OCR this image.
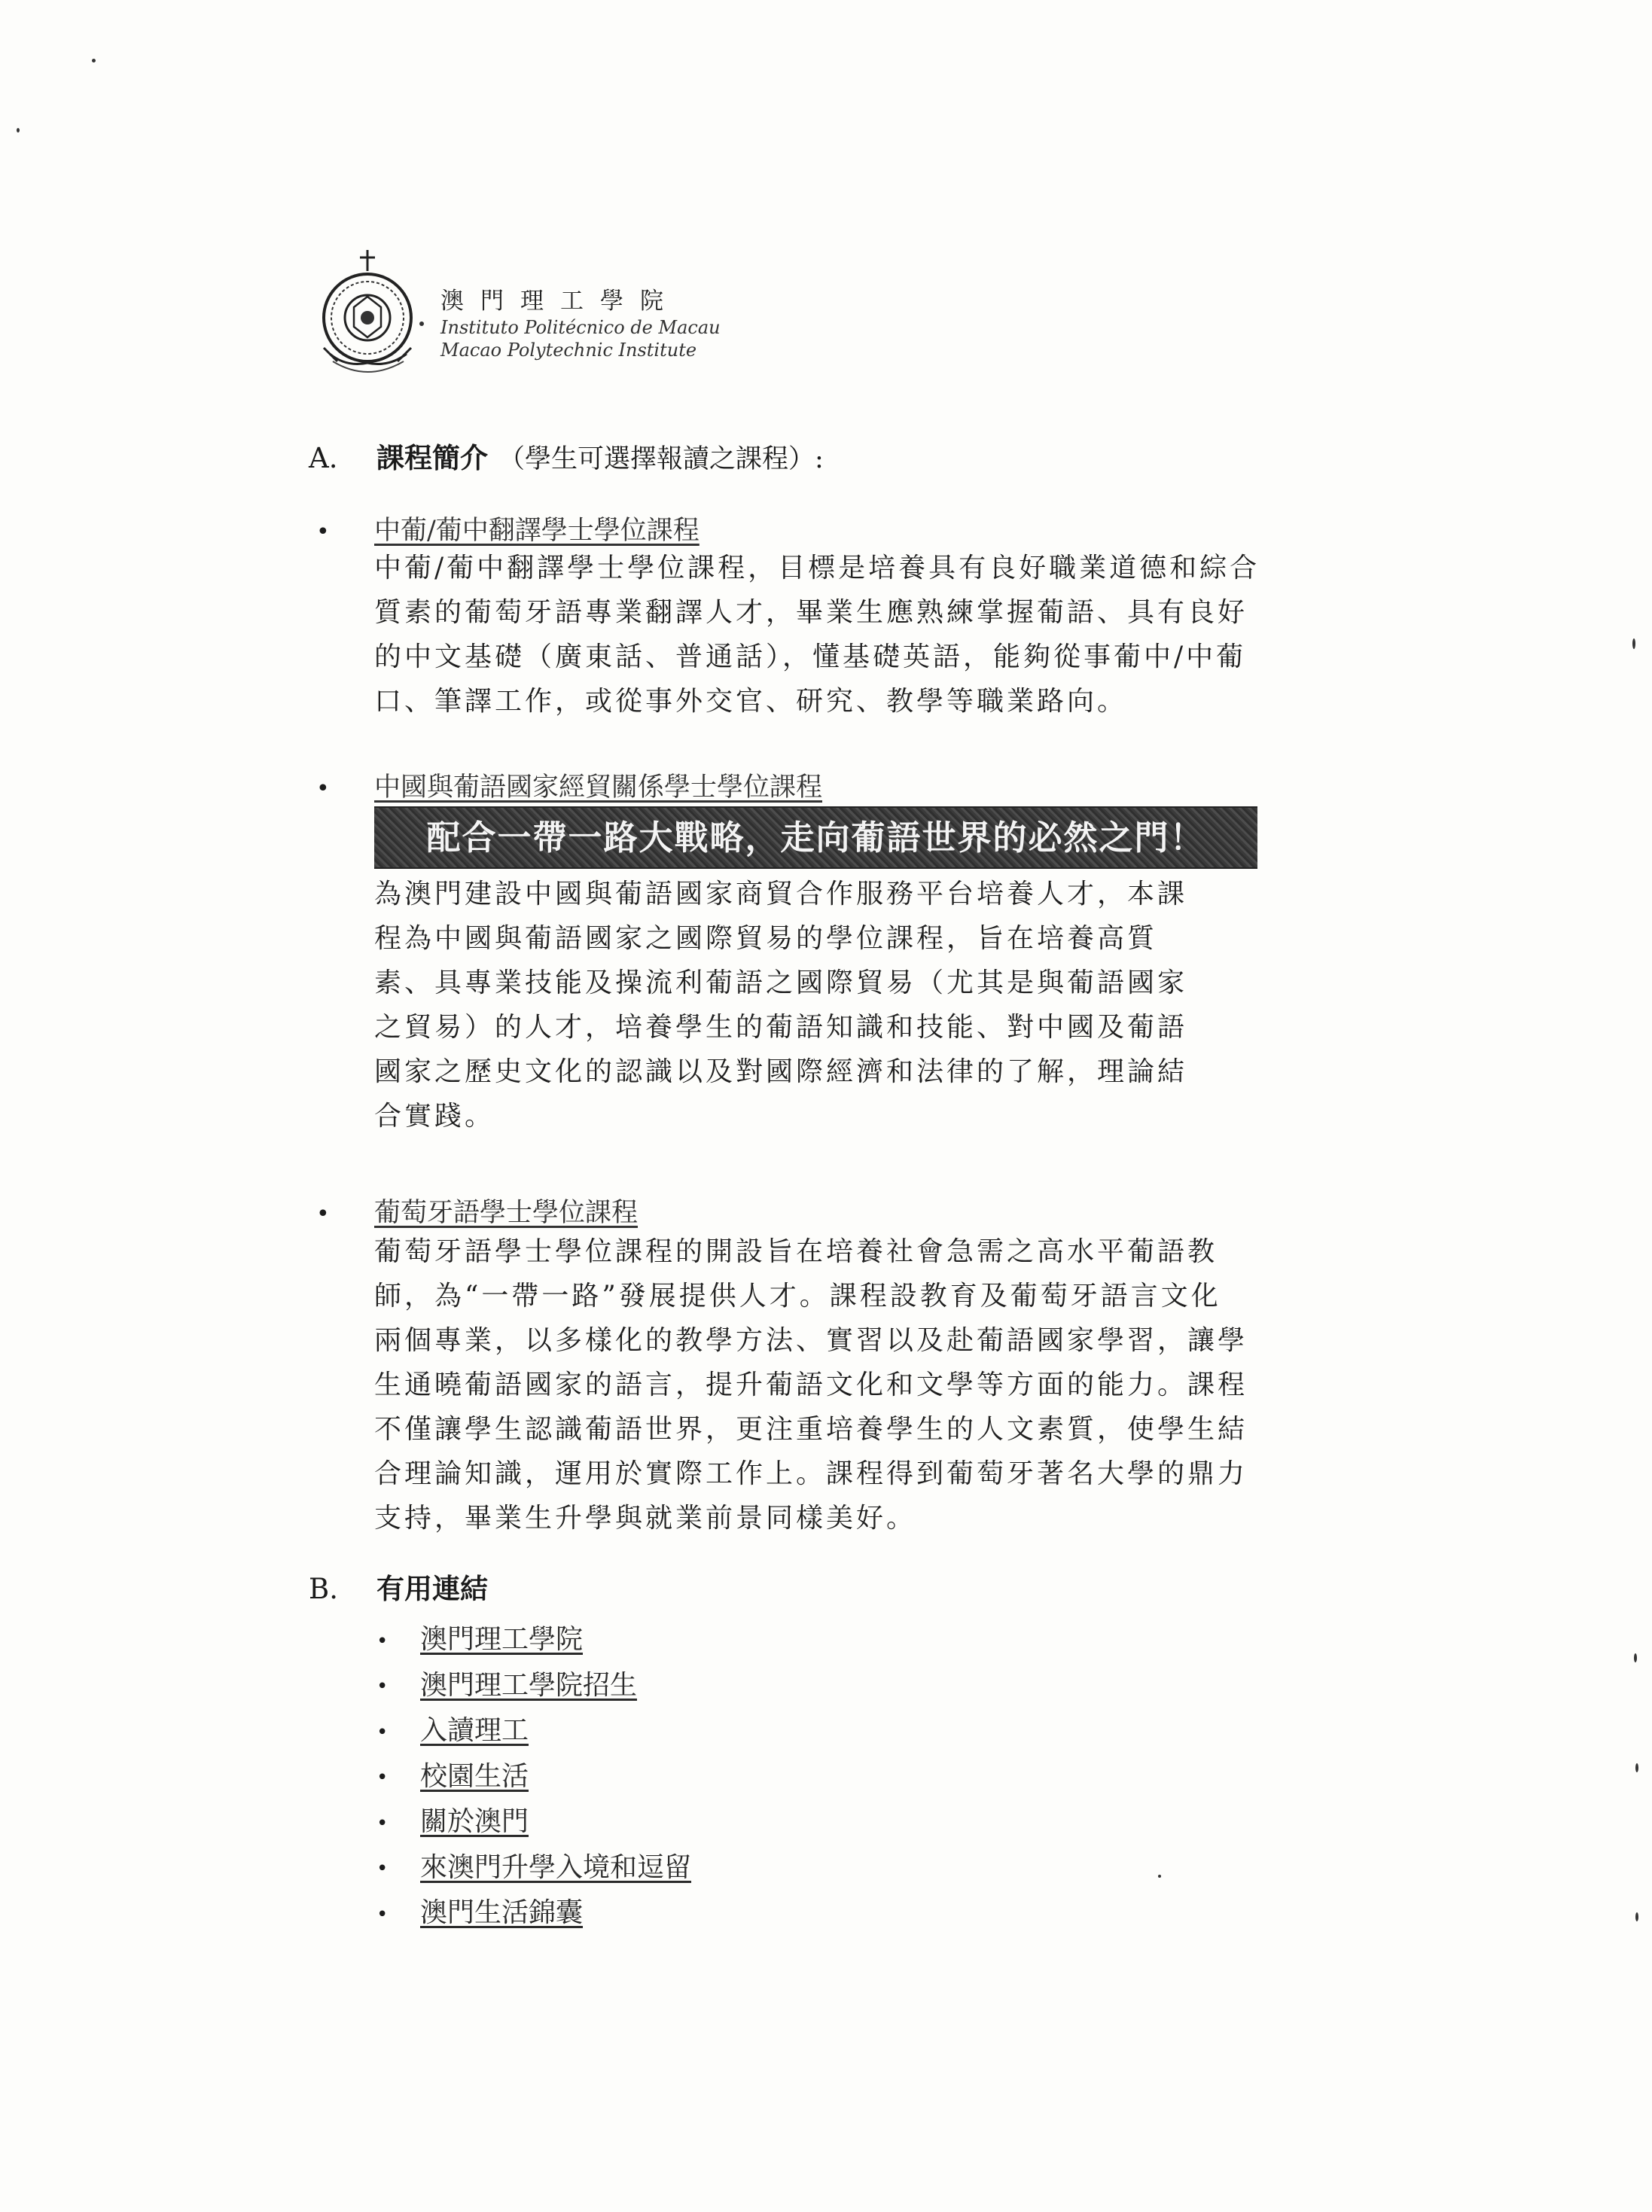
澳門理工學院
Instituto Politécnico de Macau
Macao Polytechnic Institute
A. 課程簡介 （學生可選擇報讀之課程）:
• 中葡/葡中翻譯學士學位課程
中葡/葡中翻譯學士學位課程，目標是培養具有良好職業道德和綜合
質素的葡萄牙語專業翻譯人才，畢業生應熟練掌握葡語、具有良好
的中文基礎（廣東話、普通話），懂基礎英語，能夠從事葡中/中葡
口、筆譯工作，或從事外交官、研究、教學等職業路向。
• 中國與葡語國家經貿關係學士學位課程
配合一帶一路大戰略，走向葡語世界的必然之門！
為澳門建設中國與葡語國家商貿合作服務平台培養人才，本課
程為中國與葡語國家之國際貿易的學位課程，旨在培養高質
素、具專業技能及操流利葡語之國際貿易（尤其是與葡語國家
之貿易）的人才，培養學生的葡語知識和技能、對中國及葡語
國家之歷史文化的認識以及對國際經濟和法律的了解，理論結
合實踐。
• 葡萄牙語學士學位課程
葡萄牙語學士學位課程的開設旨在培養社會急需之高水平葡語教
師，為“一帶一路”發展提供人才。課程設教育及葡萄牙語言文化
兩個專業，以多樣化的教學方法、實習以及赴葡語國家學習，讓學
生通曉葡語國家的語言，提升葡語文化和文學等方面的能力。課程
不僅讓學生認識葡語世界，更注重培養學生的人文素質，使學生結
合理論知識，運用於實際工作上。課程得到葡萄牙著名大學的鼎力
支持，畢業生升學與就業前景同樣美好。
B. 有用連結
• 澳門理工學院
• 澳門理工學院招生
• 入讀理工
• 校園生活
• 關於澳門
• 來澳門升學入境和逗留
• 澳門生活錦囊
